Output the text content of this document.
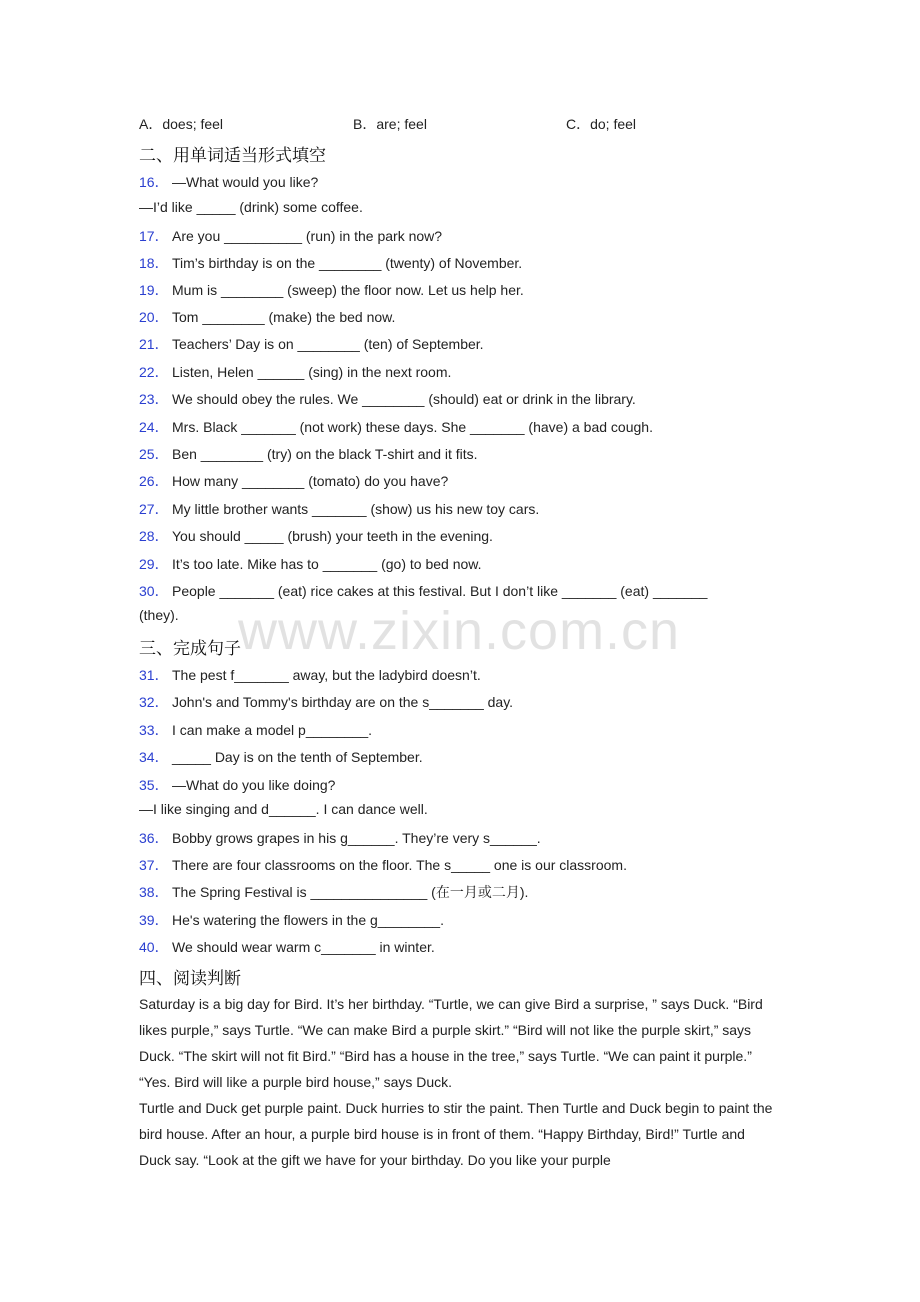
A．does; feel	B．are; feel	C．do; feel
二、用单词适当形式填空
16． —What would you like?
—I’d like _____ (drink) some coffee.
17． Are you __________ (run) in the park now?
18． Tim’s birthday is on the ________ (twenty) of November.
19． Mum is ________ (sweep) the floor now. Let us help her.
20． Tom ________ (make) the bed now.
21． Teachers’ Day is on ________ (ten) of September.
22． Listen, Helen ______ (sing) in the next room.
23． We should obey the rules. We ________ (should) eat or drink in the library.
24． Mrs. Black _______ (not work) these days. She _______ (have) a bad cough.
25． Ben ________ (try) on the black T-shirt and it fits.
26． How many ________ (tomato) do you have?
27． My little brother wants _______ (show) us his new toy cars.
28． You should _____ (brush) your teeth in the evening.
29． It’s too late. Mike has to _______ (go) to bed now.
30． People _______ (eat) rice cakes at this festival. But I don’t like _______ (eat) _______
(they).
三、完成句子
31． The pest f_______ away, but the ladybird doesn’t.
32． John's and Tommy's birthday are on the s_______ day.
33． I can make a model p________.
34． _____ Day is on the tenth of September.
35． —What do you like doing?
—I like singing and d______. I can dance well.
36． Bobby grows grapes in his g______. They’re very s______.
37． There are four classrooms on the floor. The s_____ one is our classroom.
38． The Spring Festival is _______________ (在一月或二月).
39． He's watering the flowers in the g________.
40． We should wear warm c_______ in winter.
四、阅读判断

Saturday is a big day for Bird. It’s her birthday. “Turtle, we can give Bird a surprise, ” says Duck. “Bird likes purple,” says Turtle. “We can make Bird a purple skirt.” “Bird will not like the purple skirt,” says Duck. “The skirt will not fit Bird.” “Bird has a house in the tree,” says Turtle. “We can paint it purple.” “Yes. Bird will like a purple bird house,” says Duck.

Turtle and Duck get purple paint. Duck hurries to stir the paint. Then Turtle and Duck begin to paint the bird house. After an hour, a purple bird house is in front of them. “Happy Birthday, Bird!” Turtle and Duck say. “Look at the gift we have for your birthday. Do you like your purple

www.zixin.com.cn
